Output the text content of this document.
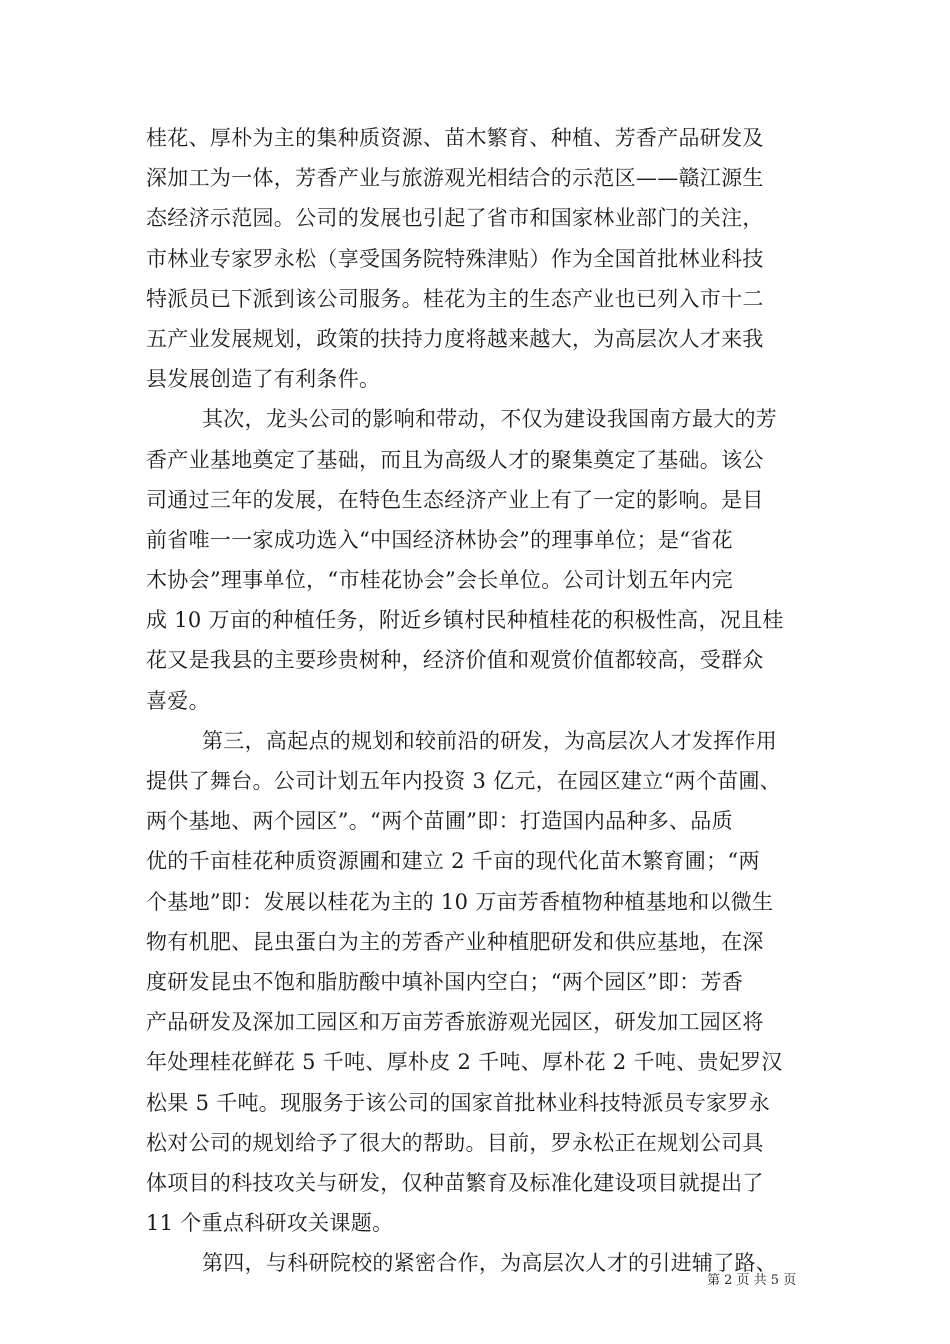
桂花、厚朴为主的集种质资源、苗木繁育、种植、芳香产品研发及
深加工为一体，芳香产业与旅游观光相结合的示范区——赣江源生
态经济示范园。公司的发展也引起了省市和国家林业部门的关注，
市林业专家罗永松（享受国务院特殊津贴）作为全国首批林业科技
特派员已下派到该公司服务。桂花为主的生态产业也已列入市十二
五产业发展规划，政策的扶持力度将越来越大，为高层次人才来我
县发展创造了有利条件。
其次，龙头公司的影响和带动，不仅为建设我国南方最大的芳
香产业基地奠定了基础，而且为高级人才的聚集奠定了基础。该公
司通过三年的发展，在特色生态经济产业上有了一定的影响。是目
前省唯一一家成功选入“中国经济林协会”的理事单位；是“省花
木协会”理事单位，“市桂花协会”会长单位。公司计划五年内完
成 10 万亩的种植任务，附近乡镇村民种植桂花的积极性高，况且桂
花又是我县的主要珍贵树种，经济价值和观赏价值都较高，受群众
喜爱。
第三，高起点的规划和较前沿的研发，为高层次人才发挥作用
提供了舞台。公司计划五年内投资 3 亿元，在园区建立“两个苗圃、
两个基地、两个园区”。“两个苗圃”即：打造国内品种多、品质
优的千亩桂花种质资源圃和建立 2 千亩的现代化苗木繁育圃；“两
个基地”即：发展以桂花为主的 10 万亩芳香植物种植基地和以微生
物有机肥、昆虫蛋白为主的芳香产业种植肥研发和供应基地，在深
度研发昆虫不饱和脂肪酸中填补国内空白；“两个园区”即：芳香
产品研发及深加工园区和万亩芳香旅游观光园区，研发加工园区将
年处理桂花鲜花 5 千吨、厚朴皮 2 千吨、厚朴花 2 千吨、贵妃罗汉
松果 5 千吨。现服务于该公司的国家首批林业科技特派员专家罗永
松对公司的规划给予了很大的帮助。目前，罗永松正在规划公司具
体项目的科技攻关与研发，仅种苗繁育及标准化建设项目就提出了
11 个重点科研攻关课题。
第四，与科研院校的紧密合作，为高层次人才的引进辅了路、
第 2 页 共 5 页
